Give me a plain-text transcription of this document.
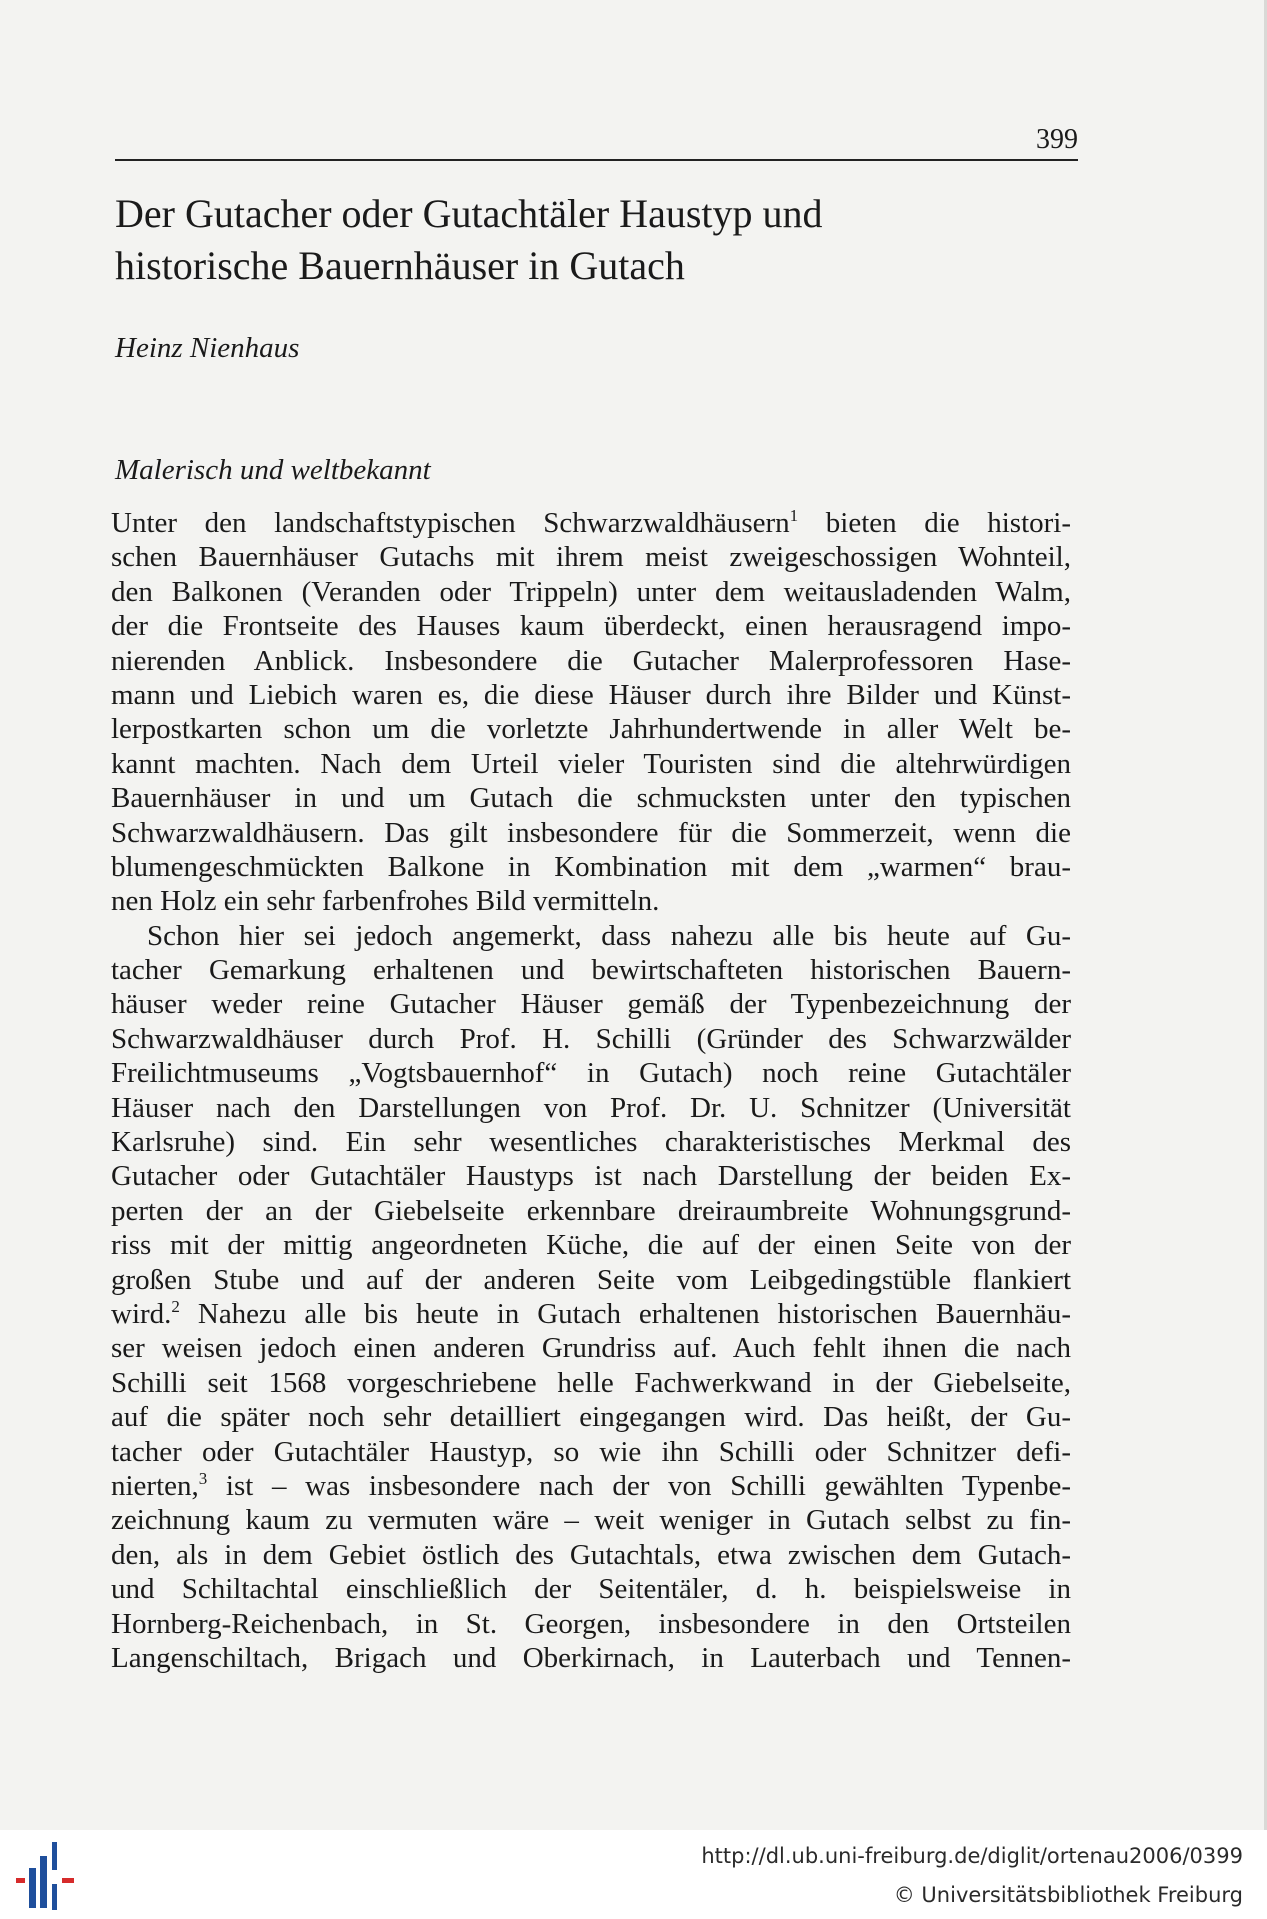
399
Der Gutacher oder Gutachtäler Haustyp und
historische Bauernhäuser in Gutach
Heinz Nienhaus
Malerisch und weltbekannt
Unter den landschaftstypischen Schwarzwaldhäusern$^1$ bieten die histori-
schen Bauernhäuser Gutachs mit ihrem meist zweigeschossigen Wohnteil,
den Balkonen (Veranden oder Trippeln) unter dem weitausladenden Walm,
der die Frontseite des Hauses kaum überdeckt, einen herausragend impo-
nierenden Anblick. Insbesondere die Gutacher Malerprofessoren Hase-
mann und Liebich waren es, die diese Häuser durch ihre Bilder und Künst-
lerpostkarten schon um die vorletzte Jahrhundertwende in aller Welt be-
kannt machten. Nach dem Urteil vieler Touristen sind die altehrwürdigen
Bauernhäuser in und um Gutach die schmucksten unter den typischen
Schwarzwaldhäusern. Das gilt insbesondere für die Sommerzeit, wenn die
blumengeschmückten Balkone in Kombination mit dem „warmen“ brau-
nen Holz ein sehr farbenfrohes Bild vermitteln.
Schon hier sei jedoch angemerkt, dass nahezu alle bis heute auf Gu-
tacher Gemarkung erhaltenen und bewirtschafteten historischen Bauern-
häuser weder reine Gutacher Häuser gemäß der Typenbezeichnung der
Schwarzwaldhäuser durch Prof. H. Schilli (Gründer des Schwarzwälder
Freilichtmuseums „Vogtsbauernhof“ in Gutach) noch reine Gutachtäler
Häuser nach den Darstellungen von Prof. Dr. U. Schnitzer (Universität
Karlsruhe) sind. Ein sehr wesentliches charakteristisches Merkmal des
Gutacher oder Gutachtäler Haustyps ist nach Darstellung der beiden Ex-
perten der an der Giebelseite erkennbare dreiraumbreite Wohnungsgrund-
riss mit der mittig angeordneten Küche, die auf der einen Seite von der
großen Stube und auf der anderen Seite vom Leibgedingstüble flankiert
wird.$^2$ Nahezu alle bis heute in Gutach erhaltenen historischen Bauernhäu-
ser weisen jedoch einen anderen Grundriss auf. Auch fehlt ihnen die nach
Schilli seit 1568 vorgeschriebene helle Fachwerkwand in der Giebelseite,
auf die später noch sehr detailliert eingegangen wird. Das heißt, der Gu-
tacher oder Gutachtäler Haustyp, so wie ihn Schilli oder Schnitzer defi-
nierten,$^3$ ist – was insbesondere nach der von Schilli gewählten Typenbe-
zeichnung kaum zu vermuten wäre – weit weniger in Gutach selbst zu fin-
den, als in dem Gebiet östlich des Gutachtals, etwa zwischen dem Gutach-
und Schiltachtal einschließlich der Seitentäler, d. h. beispielsweise in
Hornberg-Reichenbach, in St. Georgen, insbesondere in den Ortsteilen
Langenschiltach, Brigach und Oberkirnach, in Lauterbach und Tennen-
http://dl.ub.uni-freiburg.de/diglit/ortenau2006/0399
© Universitätsbibliothek Freiburg
